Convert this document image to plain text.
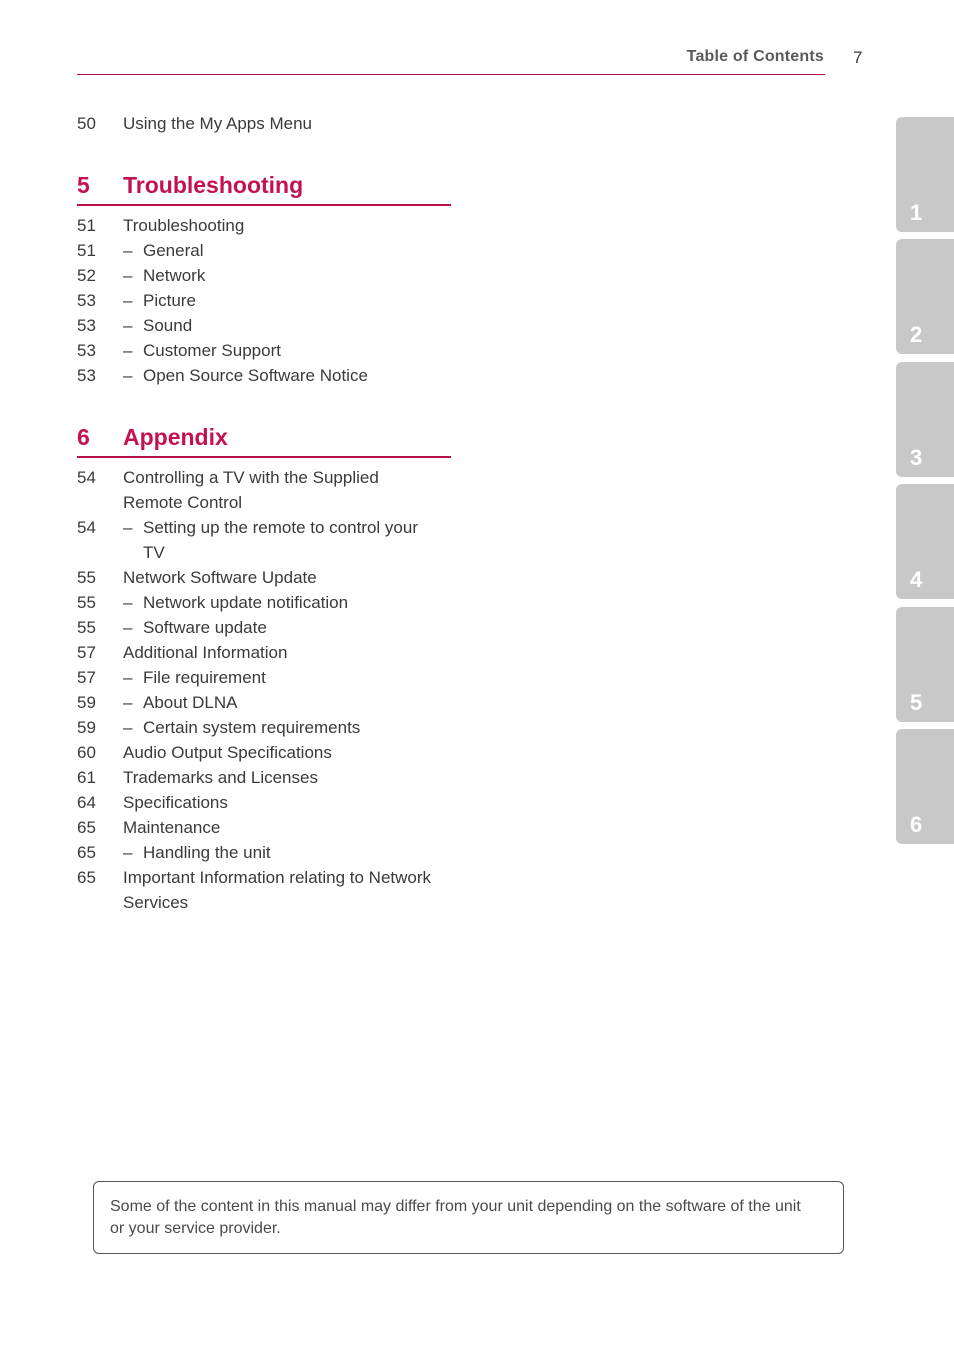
Table of Contents 7
50	Using the My Apps Menu
5 Troubleshooting
51	Troubleshooting
51	– General
52	– Network
53	– Picture
53	– Sound
53	– Customer Support
53	– Open Source Software Notice
6 Appendix
54	Controlling a TV with the Supplied
Remote Control
54	– Setting up the remote to control your
TV
55	Network Software Update
55	– Network update notification
55	– Software update
57	Additional Information
57	– File requirement
59	– About DLNA
59	– Certain system requirements
60	Audio Output Specifications
61	Trademarks and Licenses
64	Specifications
65	Maintenance
65	– Handling the unit
65	Important Information relating to Network
Services
1
2
3
4
5
6
Some of the content in this manual may differ from your unit depending on the software of the unit or your service provider.
